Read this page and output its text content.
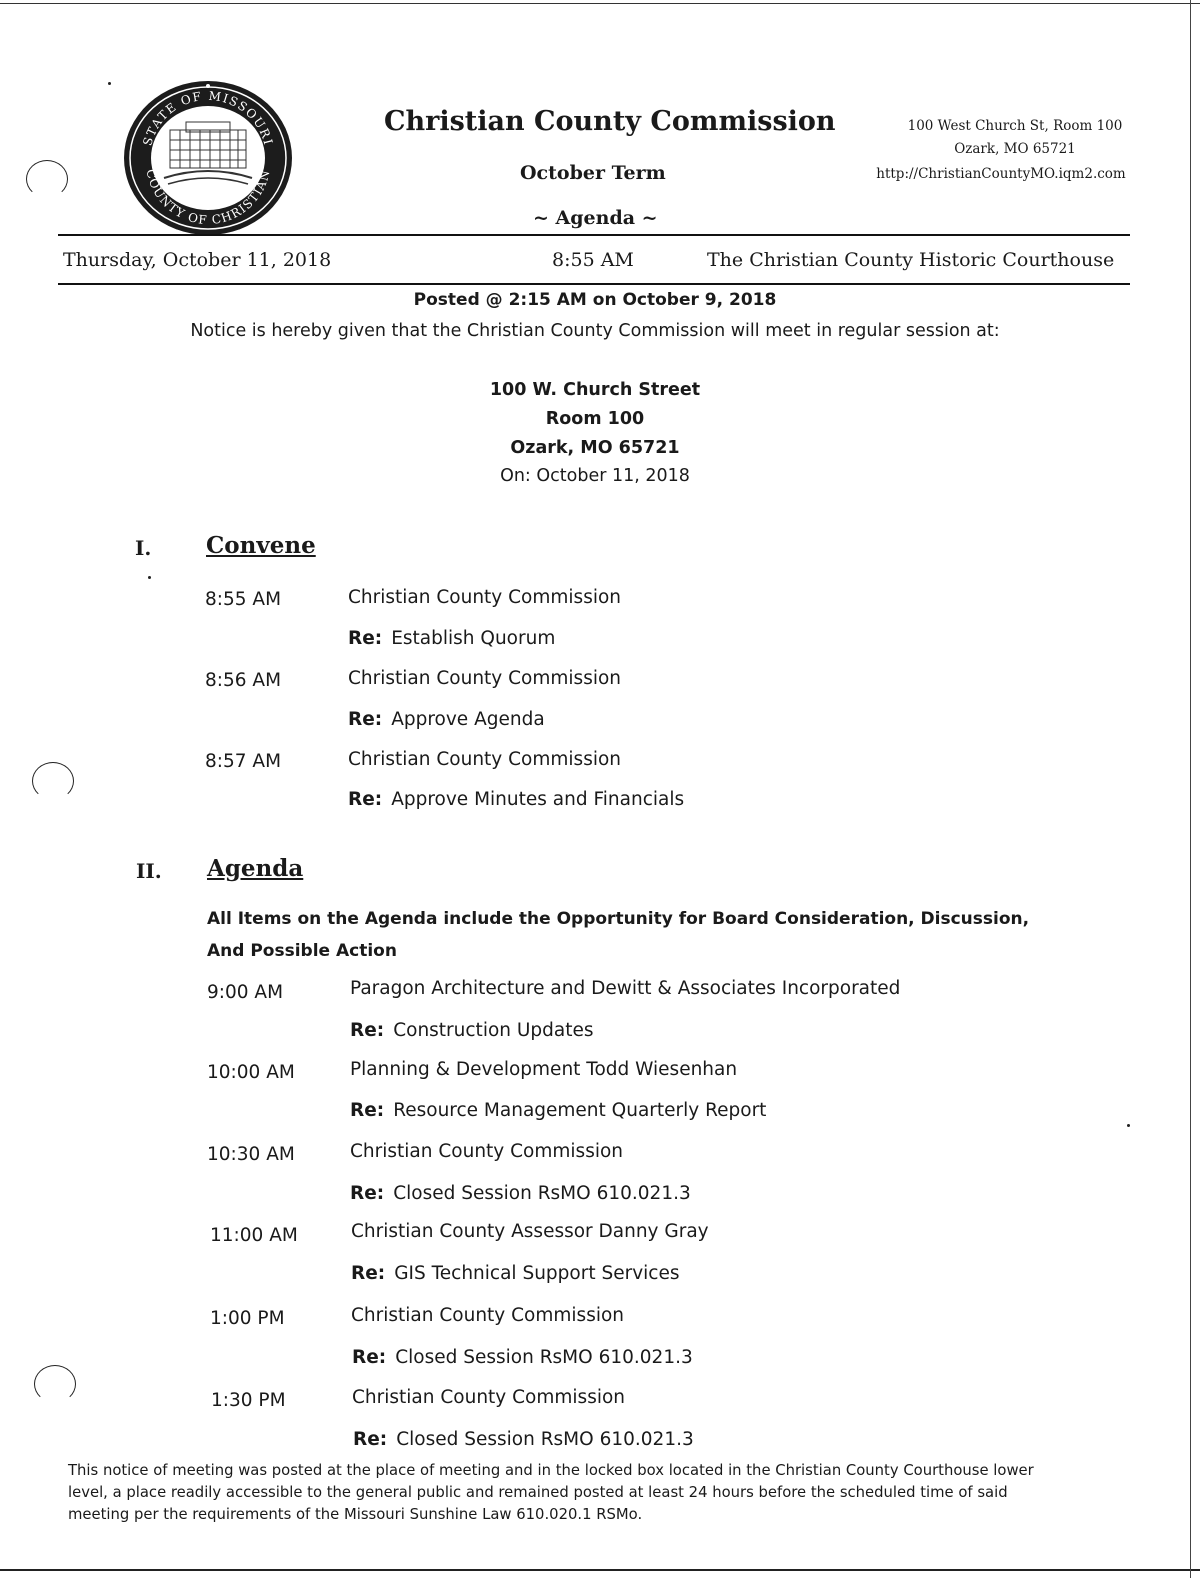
STATE OF MISSOURI
COUNTY OF CHRISTIAN
Christian County Commission
October Term
~ Agenda ~
100 West Church St, Room 100
Ozark, MO 65721
http://ChristianCountyMO.iqm2.com
Thursday, October 11, 2018	8:55 AM	The Christian County Historic Courthouse
Posted @ 2:15 AM on October 9, 2018
Notice is hereby given that the Christian County Commission will meet in regular session at:
100 W. Church Street
Room 100
Ozark, MO 65721
On: October 11, 2018
I. Convene
8:55 AM	Christian County Commission
Re: Establish Quorum
8:56 AM	Christian County Commission
Re: Approve Agenda
8:57 AM	Christian County Commission
Re: Approve Minutes and Financials
II. Agenda
All Items on the Agenda include the Opportunity for Board Consideration, Discussion,
And Possible Action
9:00 AM	Paragon Architecture and Dewitt & Associates Incorporated
Re: Construction Updates
10:00 AM	Planning & Development Todd Wiesenhan
Re: Resource Management Quarterly Report
10:30 AM	Christian County Commission
Re: Closed Session RsMO 610.021.3
11:00 AM	Christian County Assessor Danny Gray
Re: GIS Technical Support Services
1:00 PM	Christian County Commission
Re: Closed Session RsMO 610.021.3
1:30 PM	Christian County Commission
Re: Closed Session RsMO 610.021.3
This notice of meeting was posted at the place of meeting and in the locked box located in the Christian County Courthouse lower level, a place readily accessible to the general public and remained posted at least 24 hours before the scheduled time of said meeting per the requirements of the Missouri Sunshine Law 610.020.1 RSMo.
